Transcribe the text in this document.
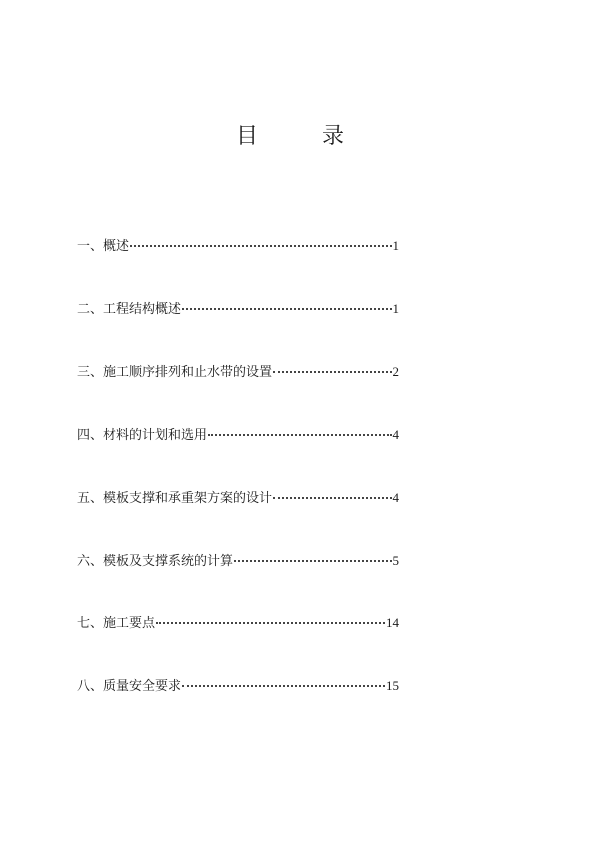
目	录
一、 概述	1
二、 工程结构概述	1
三、 施工顺序排列和止水带的设置	2
四、 材料的计划和选用	4
五、 模板支撑和承重架方案的设计	4
六、 模板及支撑系统的计算	5
七、 施工要点	14
八、 质量安全要求	15
